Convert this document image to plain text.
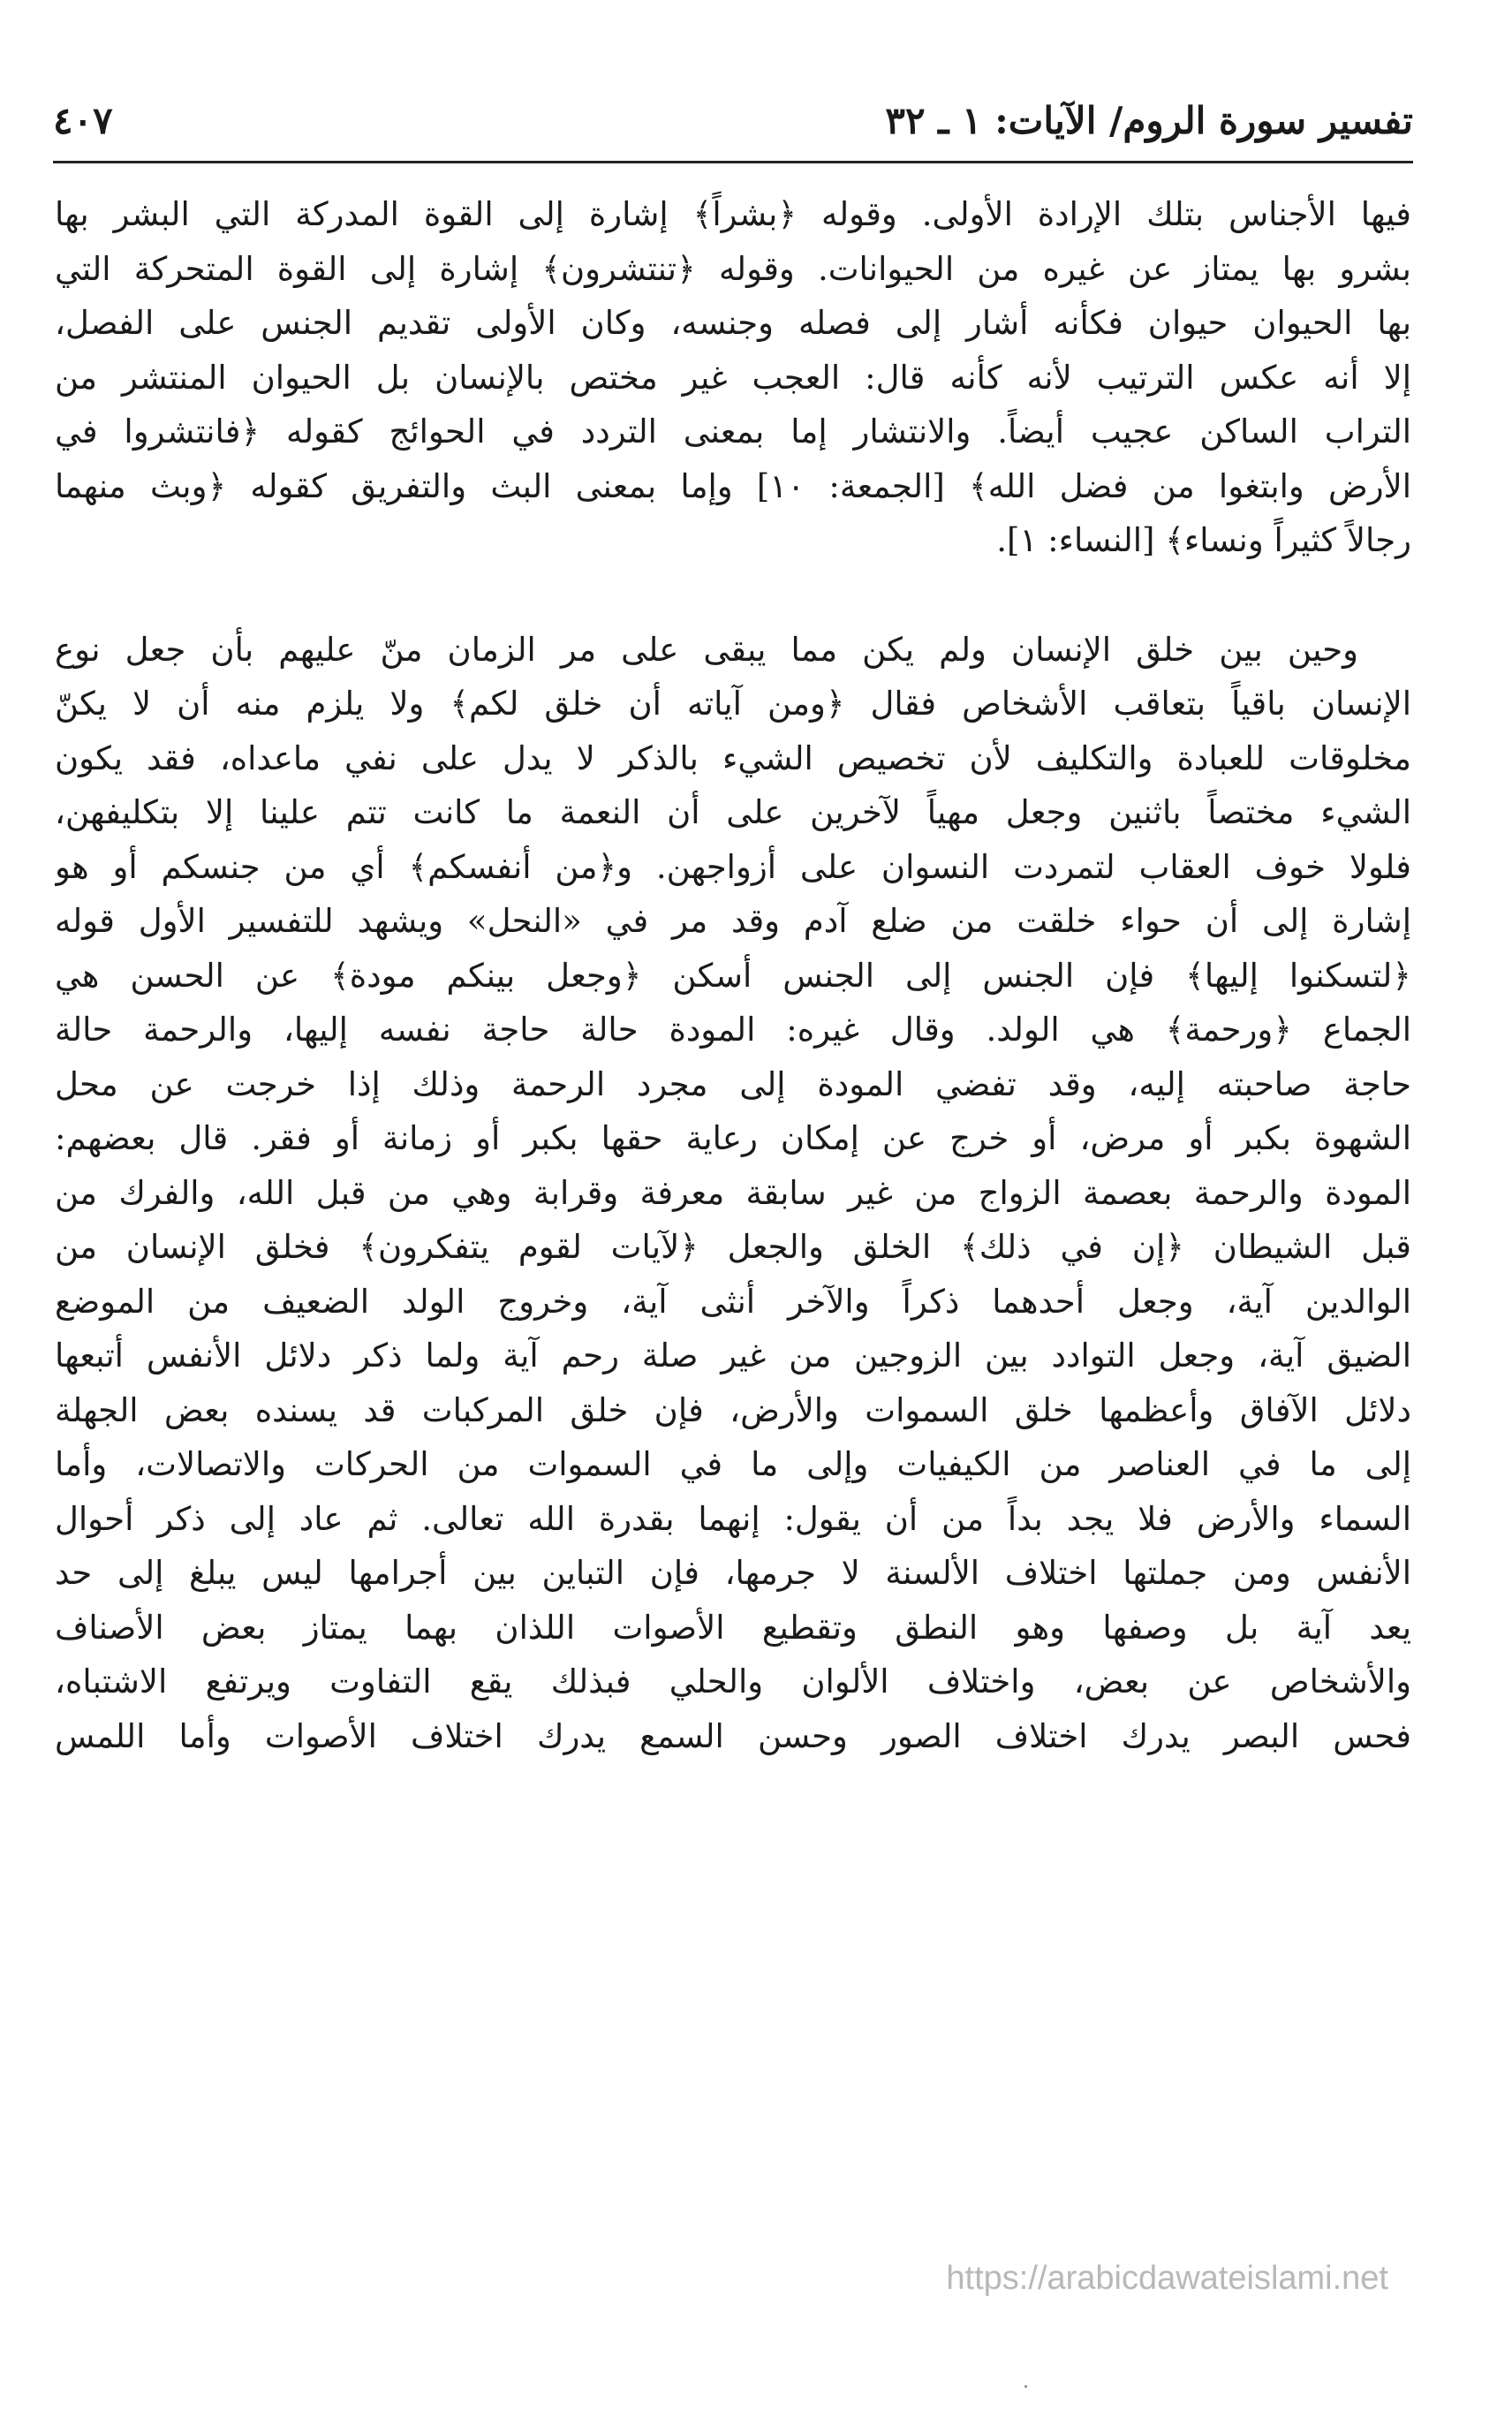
تفسير سورة الروم/ الآيات: ١ ـ ٣٢
٤٠٧
فيها الأجناس بتلك الإرادة الأولى. وقوله ﴿بشراً﴾ إشارة إلى القوة المدركة التي البشر بها
بشرو بها يمتاز عن غيره من الحيوانات. وقوله ﴿تنتشرون﴾ إشارة إلى القوة المتحركة التي
بها الحيوان حيوان فكأنه أشار إلى فصله وجنسه، وكان الأولى تقديم الجنس على الفصل،
إلا أنه عكس الترتيب لأنه كأنه قال: العجب غير مختص بالإنسان بل الحيوان المنتشر من
التراب الساكن عجيب أيضاً. والانتشار إما بمعنى التردد في الحوائج كقوله ﴿فانتشروا في
الأرض وابتغوا من فضل الله﴾ [الجمعة: ١٠] وإما بمعنى البث والتفريق كقوله ﴿وبث منهما
رجالاً كثيراً ونساء﴾ [النساء: ١].
وحين بين خلق الإنسان ولم يكن مما يبقى على مر الزمان منّ عليهم بأن جعل نوع
الإنسان باقياً بتعاقب الأشخاص فقال ﴿ومن آياته أن خلق لكم﴾ ولا يلزم منه أن لا يكنّ
مخلوقات للعبادة والتكليف لأن تخصيص الشيء بالذكر لا يدل على نفي ماعداه، فقد يكون
الشيء مختصاً باثنين وجعل مهياً لآخرين على أن النعمة ما كانت تتم علينا إلا بتكليفهن،
فلولا خوف العقاب لتمردت النسوان على أزواجهن. و﴿من أنفسكم﴾ أي من جنسكم أو هو
إشارة إلى أن حواء خلقت من ضلع آدم وقد مر في «النحل» ويشهد للتفسير الأول قوله
﴿لتسكنوا إليها﴾ فإن الجنس إلى الجنس أسكن ﴿وجعل بينكم مودة﴾ عن الحسن هي
الجماع ﴿ورحمة﴾ هي الولد. وقال غيره: المودة حالة حاجة نفسه إليها، والرحمة حالة
حاجة صاحبته إليه، وقد تفضي المودة إلى مجرد الرحمة وذلك إذا خرجت عن محل
الشهوة بكبر أو مرض، أو خرج عن إمكان رعاية حقها بكبر أو زمانة أو فقر. قال بعضهم:
المودة والرحمة بعصمة الزواج من غير سابقة معرفة وقرابة وهي من قبل الله، والفرك من
قبل الشيطان ﴿إن في ذلك﴾ الخلق والجعل ﴿لآيات لقوم يتفكرون﴾ فخلق الإنسان من
الوالدين آية، وجعل أحدهما ذكراً والآخر أنثى آية، وخروج الولد الضعيف من الموضع
الضيق آية، وجعل التوادد بين الزوجين من غير صلة رحم آية ولما ذكر دلائل الأنفس أتبعها
دلائل الآفاق وأعظمها خلق السموات والأرض، فإن خلق المركبات قد يسنده بعض الجهلة
إلى ما في العناصر من الكيفيات وإلى ما في السموات من الحركات والاتصالات، وأما
السماء والأرض فلا يجد بداً من أن يقول: إنهما بقدرة الله تعالى. ثم عاد إلى ذكر أحوال
الأنفس ومن جملتها اختلاف الألسنة لا جرمها، فإن التباين بين أجرامها ليس يبلغ إلى حد
يعد آية بل وصفها وهو النطق وتقطيع الأصوات اللذان بهما يمتاز بعض الأصناف
والأشخاص عن بعض، واختلاف الألوان والحلي فبذلك يقع التفاوت ويرتفع الاشتباه،
فحس البصر يدرك اختلاف الصور وحسن السمع يدرك اختلاف الأصوات وأما اللمس
https://arabicdawateislami.net
